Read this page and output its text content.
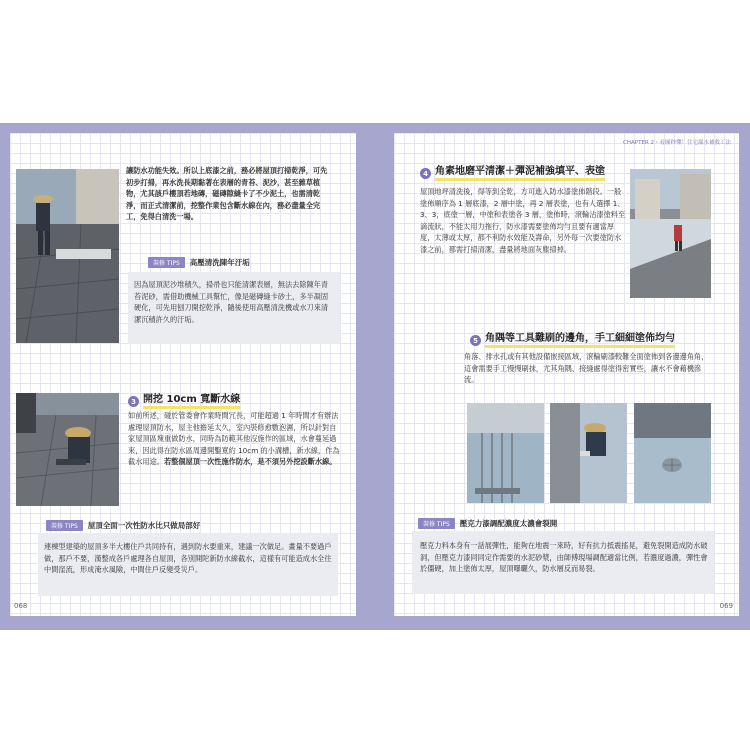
讓防水功能失效。所以上底漆之前，務必將屋頂打掃乾淨，可先初步打掃，再水洗長期黏著在表層的青苔、泥沙，甚至雜草植物，尤其該戶樓頂若地磚，磁磚隙縫卡了不少泥土，也需清乾淨，而正式清潔前，挖整作業包含斷水線在內，務必盡量全完工，免得白清洗一場。

裝修 TIPS	高壓清洗陳年汙垢

因為屋頂泥沙堆積久，掃帚也只能清潔表層，無法去除陳年青苔泥砂，需借助機械工具幫忙，像是磁磚縫卡砂土，多半凝固硬化，可先用刨刀開挖乾淨，隨後使用高壓清洗機或水刀來清潔沉積許久的汙垢。

3 開挖 10cm 寬斷水線

如前所述，碰於管委會作業時間冗長，可能超過 1 年時間才有辦法處理屋頂防水，屋主他擔延太久，室內裝修愈數泡濕，所以針對自家屋頂區塊重做防水，同時為防範其他沒施作的區域，水會蔓延過來，因此得在防水區周邊開鑿寬約 10cm 的小溝槽，新水線，作為截水用途。若整個屋頂一次性施作防水，是不須另外挖設斷水線。

裝修 TIPS	屋頂全面一次性防水比只做局部好

連棟型建築的屋頂多半大樓住戶共同持有，遇到防水要重來，建議一次做足。畫量不要過戶做，那戶不要，漢整成各戶處理各自屋頂，各別開陀新防水線截水，這樣有可能造成水全往中間窪流，形成淹水風險，中間住戶反變受災戶。

068
CHAPTER 2・看圖秒懂！住宅漏水補救工法
4 角素地磨平清潔＋彈泥補強填平、表塗

屋頂地坪清洗後，得等到全乾，方可進入防水漆塗佈階段。一般塗佈順序為 1 層底漆，2 層中塗，再 2 層表塗，也有人選擇 1、3、3，底塗一層，中塗和表塗各 3 層，塗佈時，滾輪沾漆塗料至滴流狀，不能太用力拖行，防水漆需要塗佈均勻且要有適當厚度，太薄或太厚，都不利防水效能及壽命，另外每一次要塗防水漆之前，都需打掃清潔，盡量將地面灰塵掃掉。

5 角隅等工具難刷的邊角，手工細細塗佈均勻

角落、排水孔或有其他設備嵌接區域，滾輪刷漆較難全面塗佈到各邊邊角角，這會需要手工慢慢刷抹，尤其角隅、接縫處得塗得密實些，讓水不會藉機滲流。

裝修 TIPS	壓克力漆調配濃度太濃會裂開

壓克力料本身有一話展彈性，能夠在地震一來時，好有抗力抵震搖晃，避免裂開造成防水破洞，但壓克力漆同同定作需要的水泥砂漿，由師傅現場調配適當比例，若濃度過濃，彈性會於僵硬，加上塗佈太厚，屋頂曝曬久，防水層反而易裂。

069
